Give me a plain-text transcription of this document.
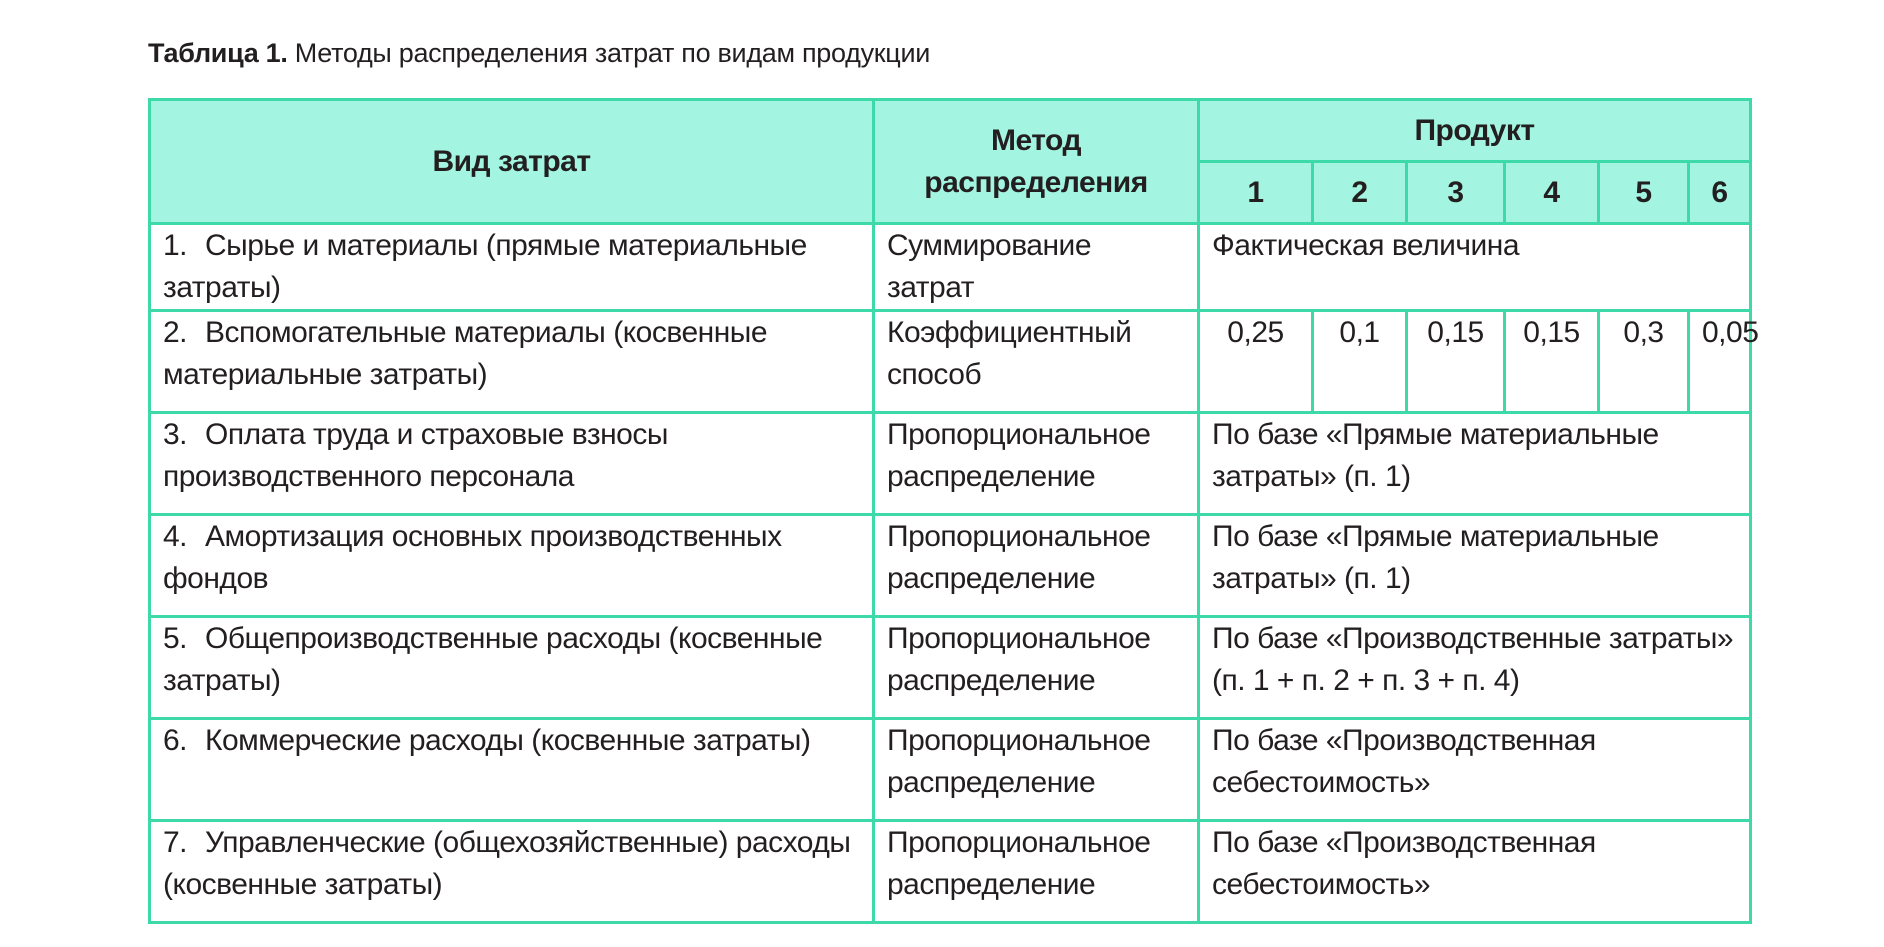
Таблица 1. Методы распределения затрат по видам продукции
Вид затрат	Метод распределения	Продукт					
		1	2	3	4	5	6
1. Сырье и материалы (прямые материальные затраты)	Суммирование затрат	Фактическая величина					
2. Вспомогательные материалы (косвенные материальные затраты)	Коэффициентный способ	0,25	0,1	0,15	0,15	0,3	0,05
3. Оплата труда и страховые взносы производственного персонала	Пропорциональное распределение	По базе «Прямые материальные затраты» (п. 1)					
4. Амортизация основных производственных фондов	Пропорциональное распределение	По базе «Прямые материальные затраты» (п. 1)					
5. Общепроизводственные расходы (косвенные затраты)	Пропорциональное распределение	По базе «Производственные затраты» (п. 1 + п. 2 + п. 3 + п. 4)					
6. Коммерческие расходы (косвенные затраты)	Пропорциональное распределение	По базе «Производственная себестоимость»					
7. Управленческие (общехозяйственные) расходы (косвенные затраты)	Пропорциональное распределение	По базе «Производственная себестоимость»					
